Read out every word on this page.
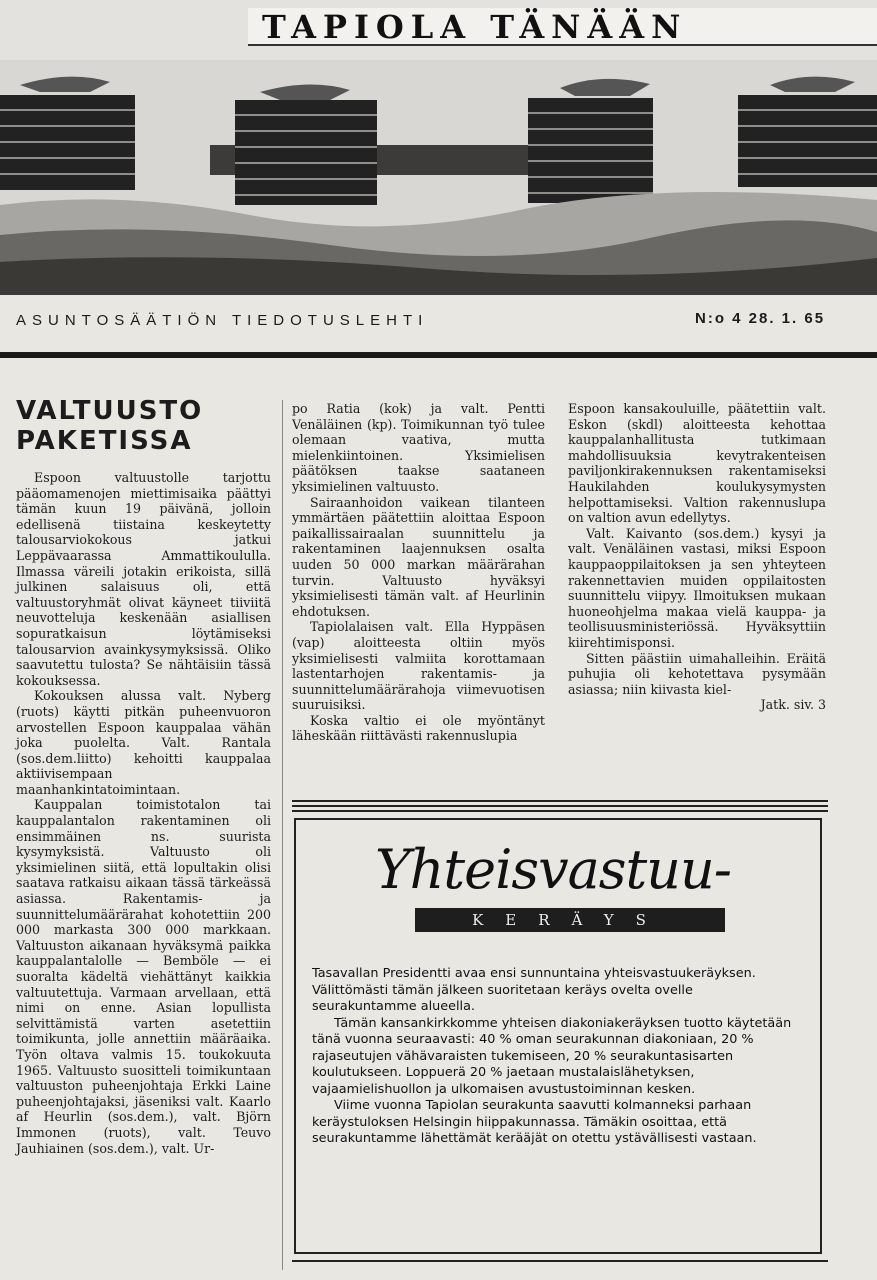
TAPIOLA TÄNÄÄN
ASUNTOSÄÄTIÖN TIEDOTUSLEHTI	N:o 4 28. 1. 65
VALTUUSTO
PAKETISSA

Espoon valtuustolle tarjottu pääomamenojen miettimisaika päättyi tämän kuun 19 päivänä, jolloin edellisenä tiistaina keskeytetty talousarviokokous jatkui Leppävaarassa Ammattikoululla. Ilmassa väreili jotakin erikoista, sillä julkinen salaisuus oli, että valtuustoryhmät olivat käyneet tiiviitä neuvotteluja keskenään asiallisen sopuratkaisun löytämiseksi talousarvion avainkysymyksissä. Oliko saavutettu tulosta? Se nähtäisiin tässä kokouksessa.

Kokouksen alussa valt. Nyberg (ruots) käytti pitkän puheenvuoron arvostellen Espoon kauppalaa vähän joka puolelta. Valt. Rantala (sos.dem.liitto) kehoitti kauppalaa aktiivisempaan maanhankintatoimintaan.

Kauppalan toimistotalon tai kauppalantalon rakentaminen oli ensimmäinen ns. suurista kysymyksistä. Valtuusto oli yksimielinen siitä, että lopultakin olisi saatava ratkaisu aikaan tässä tärkeässä asiassa. Rakentamis- ja suunnittelumäärärahat kohotettiin 200 000 markasta 300 000 markkaan. Valtuuston aikanaan hyväksymä paikka kauppalantalolle — Bemböle — ei suoralta kädeltä viehättänyt kaikkia valtuutettuja. Varmaan arvellaan, että nimi on enne. Asian lopullista selvittämistä varten asetettiin toimikunta, jolle annettiin määräaika. Työn oltava valmis 15. toukokuuta 1965. Valtuusto suositteli toimikuntaan valtuuston puheenjohtaja Erkki Laine puheenjohtajaksi, jäseniksi valt. Kaarlo af Heurlin (sos.dem.), valt. Björn Immonen (ruots), valt. Teuvo Jauhiainen (sos.dem.), valt. Ur-

po Ratia (kok) ja valt. Pentti Venäläinen (kp). Toimikunnan työ tulee olemaan vaativa, mutta mielenkiintoinen. Yksimielisen päätöksen taakse saataneen yksimielinen valtuusto.

Sairaanhoidon vaikean tilanteen ymmärtäen päätettiin aloittaa Espoon paikallissairaalan suunnittelu ja rakentaminen laajennuksen osalta uuden 50 000 markan määrärahan turvin. Valtuusto hyväksyi yksimielisesti tämän valt. af Heurlinin ehdotuksen.

Tapiolalaisen valt. Ella Hyppäsen (vap) aloitteesta oltiin myös yksimielisesti valmiita korottamaan lastentarhojen rakentamis- ja suunnittelumäärärahoja viimevuotisen suuruisiksi.

Koska valtio ei ole myöntänyt läheskään riittävästi rakennuslupia

Espoon kansakouluille, päätettiin valt. Eskon (skdl) aloitteesta kehottaa kauppalanhallitusta tutkimaan mahdollisuuksia kevytrakenteisen paviljonkirakennuksen rakentamiseksi Haukilahden koulukysymysten helpottamiseksi. Valtion rakennuslupa on valtion avun edellytys.

Valt. Kaivanto (sos.dem.) kysyi ja valt. Venäläinen vastasi, miksi Espoon kauppaoppilaitoksen ja sen yhteyteen rakennettavien muiden oppilaitosten suunnittelu viipyy. Ilmoituksen mukaan huoneohjelma makaa vielä kauppa- ja teollisuusministeriössä. Hyväksyttiin kiirehtimisponsi.

Sitten päästiin uimahalleihin. Eräitä puhujia oli kehotettava pysymään asiassa; niin kiivasta kiel-

Jatk. siv. 3
Yhteisvastuu-
KERÄYS

Tasavallan Presidentti avaa ensi sunnuntaina yhteisvastuukeräyksen. Välittömästi tämän jälkeen suoritetaan keräys ovelta ovelle seurakuntamme alueella.

Tämän kansankirkkomme yhteisen diakoniakeräyksen tuotto käytetään tänä vuonna seuraavasti: 40 % oman seurakunnan diakoniaan, 20 % rajaseutujen vähävaraisten tukemiseen, 20 % seurakuntasisarten koulutukseen. Loppuerä 20 % jaetaan mustalaislähetyksen, vajaamielishuollon ja ulkomaisen avustustoiminnan kesken.

Viime vuonna Tapiolan seurakunta saavutti kolmanneksi parhaan keräystuloksen Helsingin hiippakunnassa. Tämäkin osoittaa, että seurakuntamme lähettämät kerääjät on otettu ystävällisesti vastaan.
